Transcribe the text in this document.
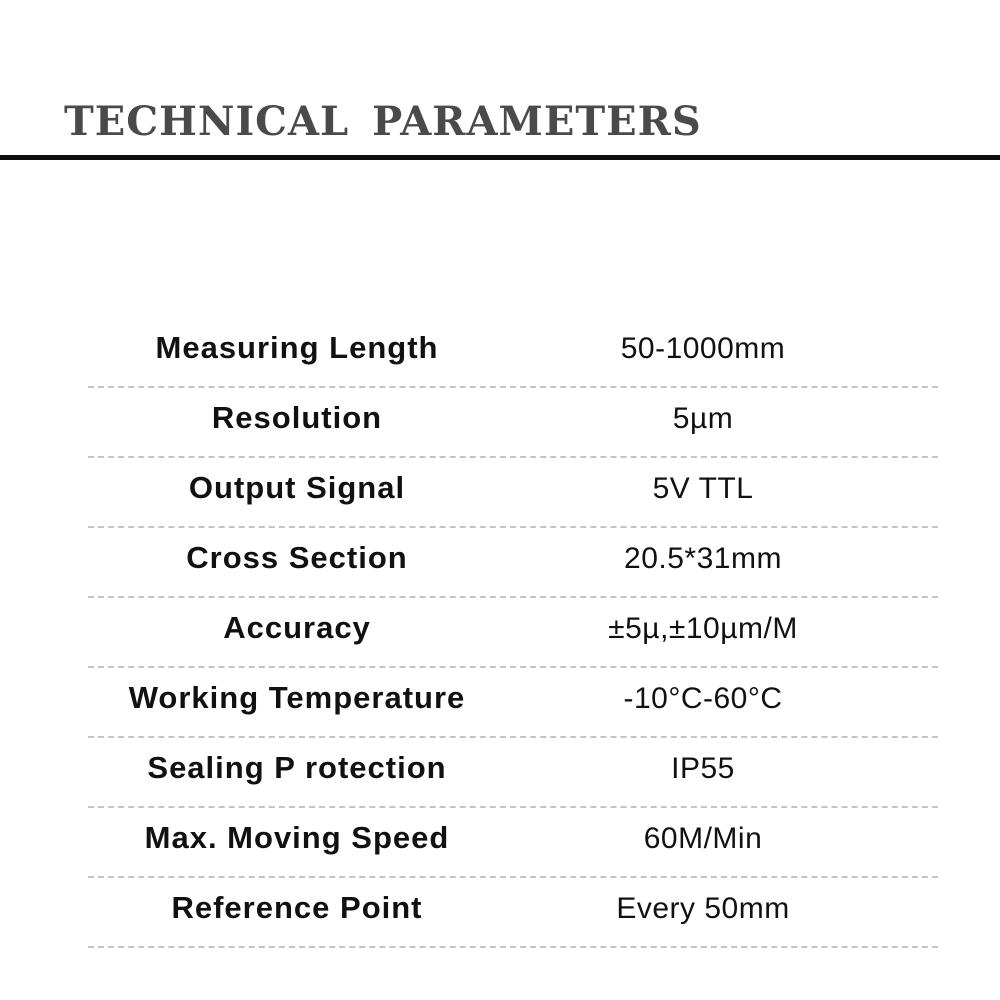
TECHNICAL PARAMETERS
Measuring Length	50-1000mm
Resolution	5µm
Output Signal	5V TTL
Cross Section	20.5*31mm
Accuracy	±5µ,±10µm/M
Working Temperature	-10°C-60°C
Sealing P rotection	IP55
Max. Moving Speed	60M/Min
Reference Point	Every 50mm
